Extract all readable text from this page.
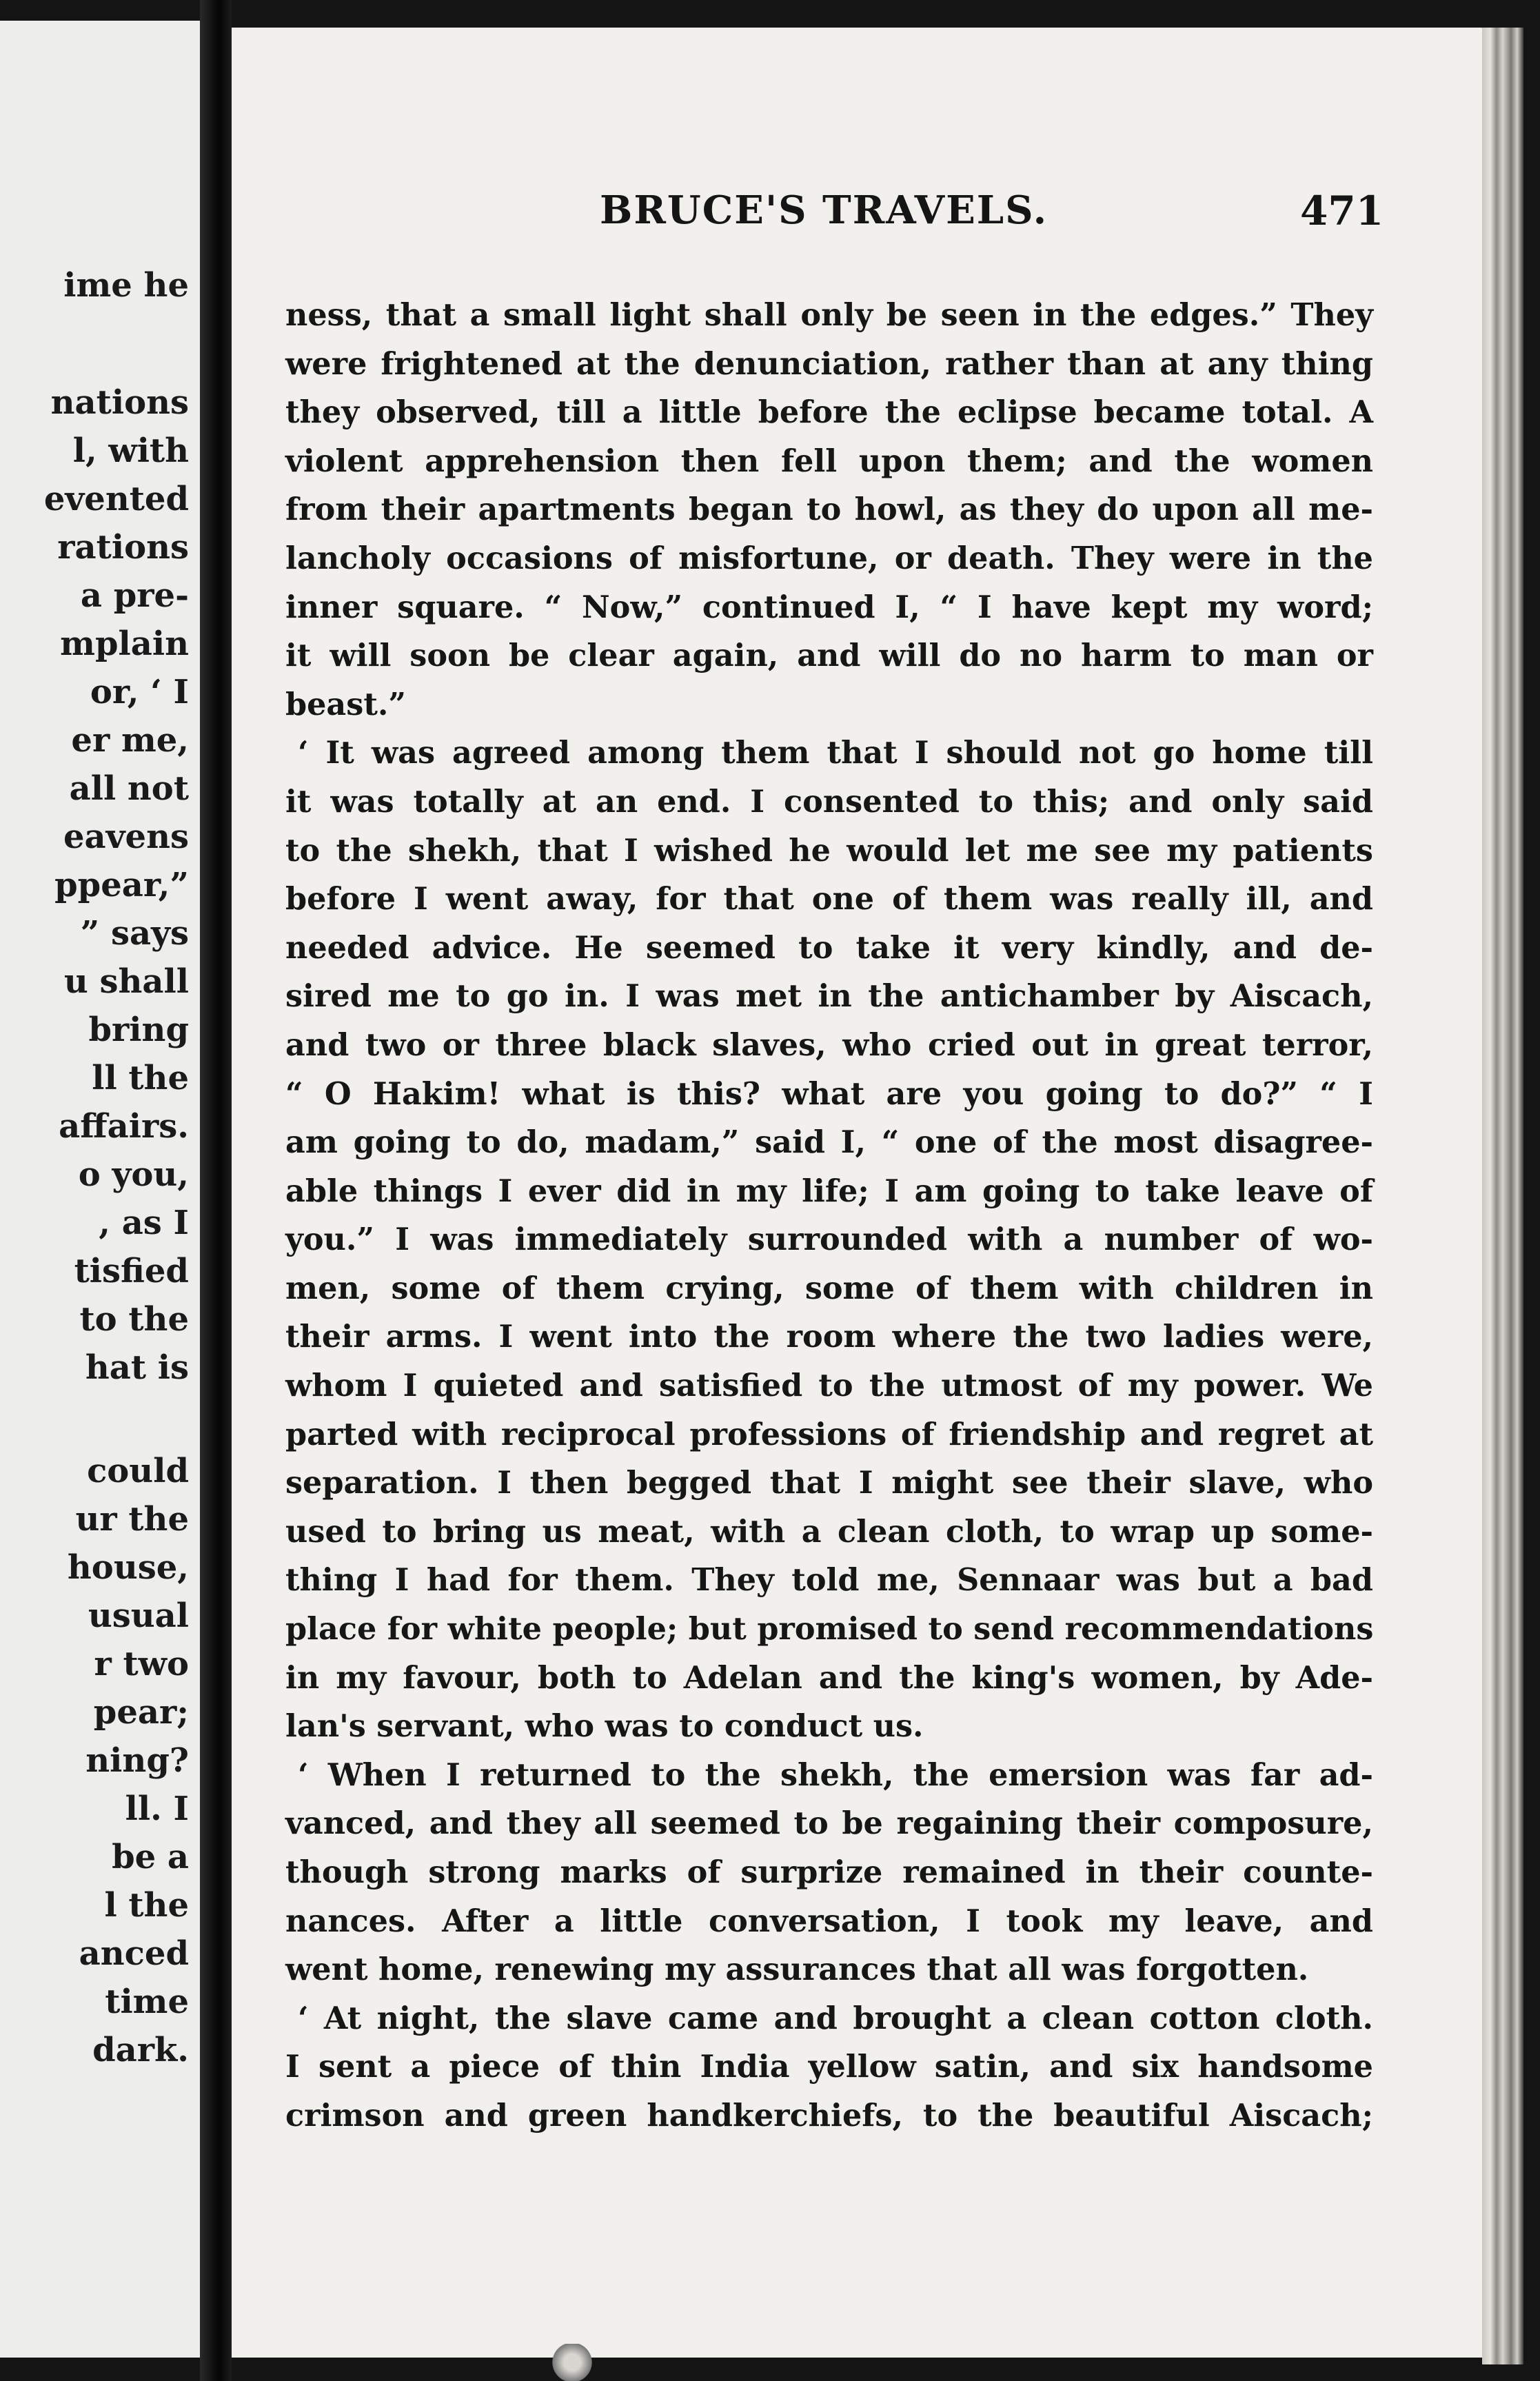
ime he
nations
l, with
evented
rations
a pre-
mplain
or, ‘ I
er me,
all not
eavens
ppear,”
” says
u shall
bring
ll the
affairs.
o you,
, as I
tisfied
to the
hat is
could
ur the
house,
usual
r two
pear;
ning?
ll. I
be a
l the
anced
time
dark.
BRUCE'S TRAVELS.	471
ness, that a small light shall only be seen in the edges.” They
were frightened at the denunciation, rather than at any thing
they observed, till a little before the eclipse became total. A
violent apprehension then fell upon them; and the women
from their apartments began to howl, as they do upon all me-
lancholy occasions of misfortune, or death. They were in the
inner square. “ Now,” continued I, “ I have kept my word;
it will soon be clear again, and will do no harm to man or
beast.”
‘ It was agreed among them that I should not go home till
it was totally at an end. I consented to this; and only said
to the shekh, that I wished he would let me see my patients
before I went away, for that one of them was really ill, and
needed advice. He seemed to take it very kindly, and de-
sired me to go in. I was met in the antichamber by Aiscach,
and two or three black slaves, who cried out in great terror,
“ O Hakim! what is this? what are you going to do?” “ I
am going to do, madam,” said I, “ one of the most disagree-
able things I ever did in my life; I am going to take leave of
you.” I was immediately surrounded with a number of wo-
men, some of them crying, some of them with children in
their arms. I went into the room where the two ladies were,
whom I quieted and satisfied to the utmost of my power. We
parted with reciprocal professions of friendship and regret at
separation. I then begged that I might see their slave, who
used to bring us meat, with a clean cloth, to wrap up some-
thing I had for them. They told me, Sennaar was but a bad
place for white people; but promised to send recommendations
in my favour, both to Adelan and the king's women, by Ade-
lan's servant, who was to conduct us.
‘ When I returned to the shekh, the emersion was far ad-
vanced, and they all seemed to be regaining their composure,
though strong marks of surprize remained in their counte-
nances. After a little conversation, I took my leave, and
went home, renewing my assurances that all was forgotten.
‘ At night, the slave came and brought a clean cotton cloth.
I sent a piece of thin India yellow satin, and six handsome
crimson and green handkerchiefs, to the beautiful Aiscach;
